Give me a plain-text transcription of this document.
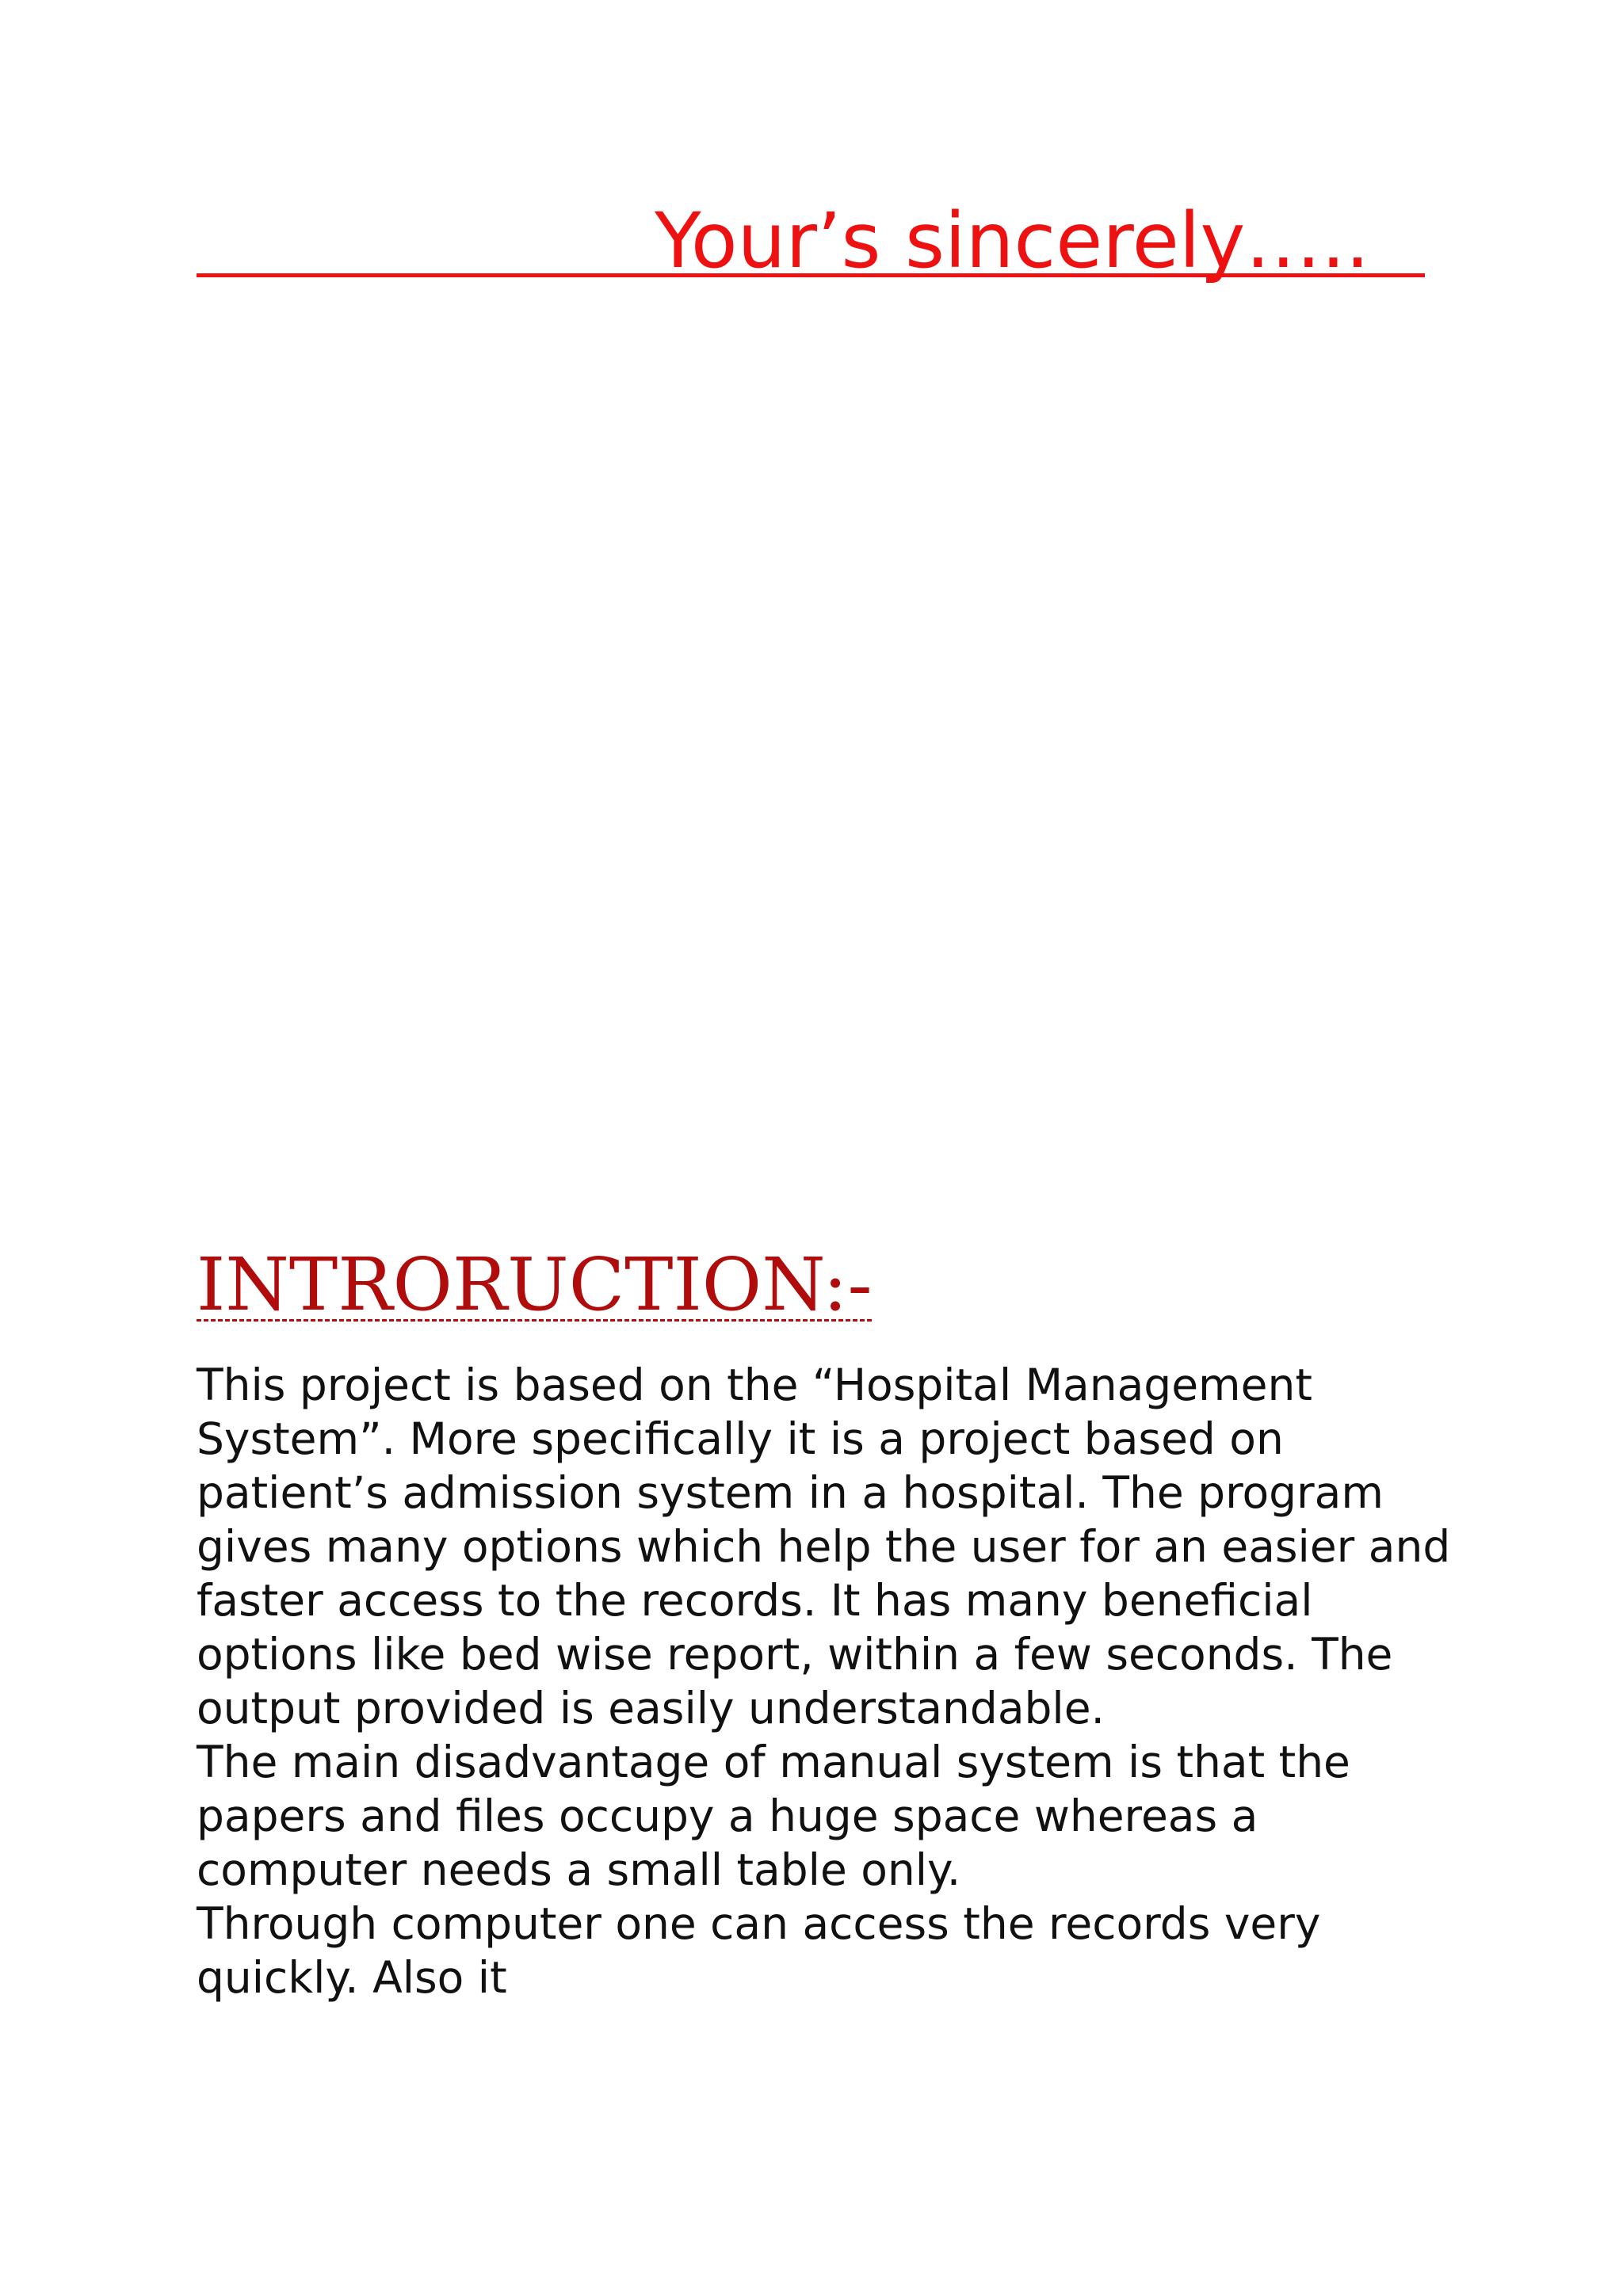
Your’s sincerely…..
INTRORUCTION:-

This project is based on the “Hospital Management System”. More specifically it is a project based on patient’s admission system in a hospital. The program gives many options which help the user for an easier and faster access to the records. It has many beneficial options like bed wise report, within a few seconds. The output provided is easily understandable.

The main disadvantage of manual system is that the papers and files occupy a huge space whereas a computer needs a small table only.

Through computer one can access the records very quickly. Also it
